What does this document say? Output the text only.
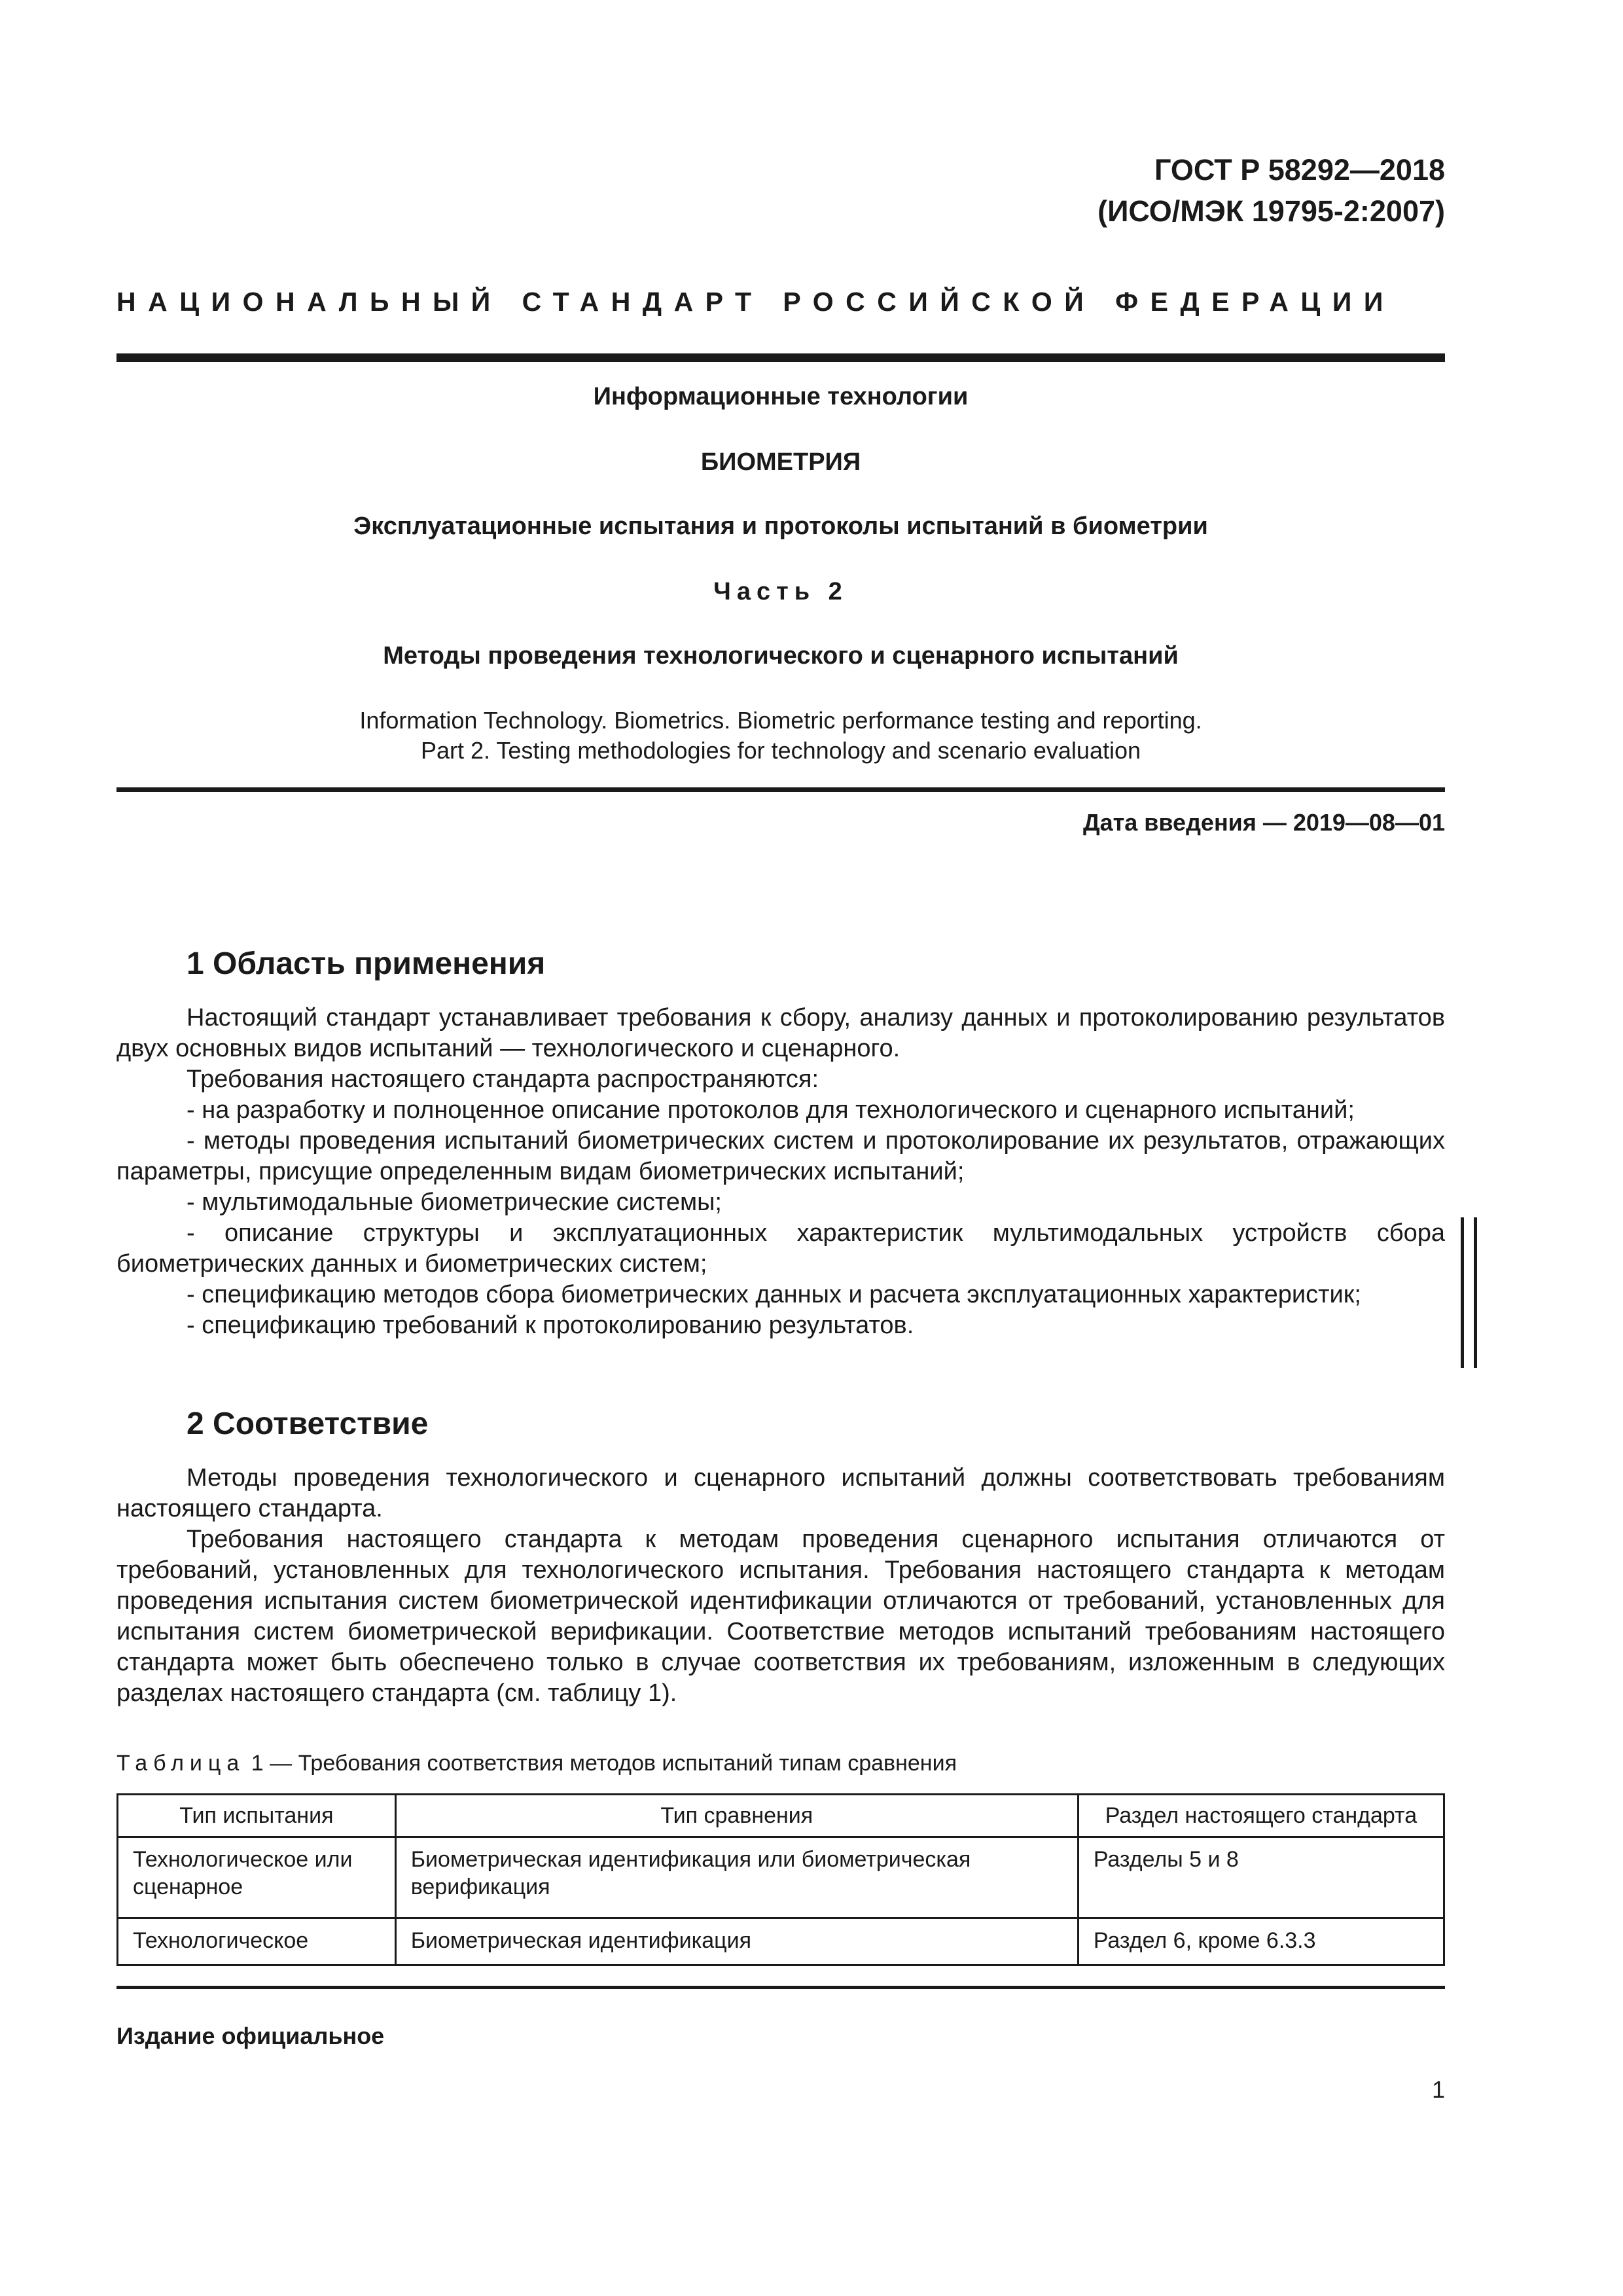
ГОСТ Р 58292—2018
(ИСО/МЭК 19795-2:2007)
НАЦИОНАЛЬНЫЙ СТАНДАРТ РОССИЙСКОЙ ФЕДЕРАЦИИ
Информационные технологии
БИОМЕТРИЯ
Эксплуатационные испытания и протоколы испытаний в биометрии
Часть 2
Методы проведения технологического и сценарного испытаний
Information Technology. Biometrics. Biometric performance testing and reporting.
Part 2. Testing methodologies for technology and scenario evaluation
Дата введения — 2019—08—01
1 Область применения

Настоящий стандарт устанавливает требования к сбору, анализу данных и протоколированию результатов двух основных видов испытаний — технологического и сценарного.

Требования настоящего стандарта распространяются:

- на разработку и полноценное описание протоколов для технологического и сценарного испытаний;

- методы проведения испытаний биометрических систем и протоколирование их результатов, отражающих параметры, присущие определенным видам биометрических испытаний;

- мультимодальные биометрические системы;

- описание структуры и эксплуатационных характеристик мультимодальных устройств сбора биометрических данных и биометрических систем;

- спецификацию методов сбора биометрических данных и расчета эксплуатационных характеристик;

- спецификацию требований к протоколированию результатов.

2 Соответствие

Методы проведения технологического и сценарного испытаний должны соответствовать требованиям настоящего стандарта.

Требования настоящего стандарта к методам проведения сценарного испытания отличаются от требований, установленных для технологического испытания. Требования настоящего стандарта к методам проведения испытания систем биометрической идентификации отличаются от требований, установленных для испытания систем биометрической верификации. Соответствие методов испытаний требованиям настоящего стандарта может быть обеспечено только в случае соответствия их требованиям, изложенным в следующих разделах настоящего стандарта (см. таблицу 1).

Таблица 1 — Требования соответствия методов испытаний типам сравнения
Тип испытания	Тип сравнения	Раздел настоящего стандарта
Технологическое или сценарное	Биометрическая идентификация или биометрическая верификация	Разделы 5 и 8
Технологическое	Биометрическая идентификация	Раздел 6, кроме 6.3.3
Издание официальное
1
